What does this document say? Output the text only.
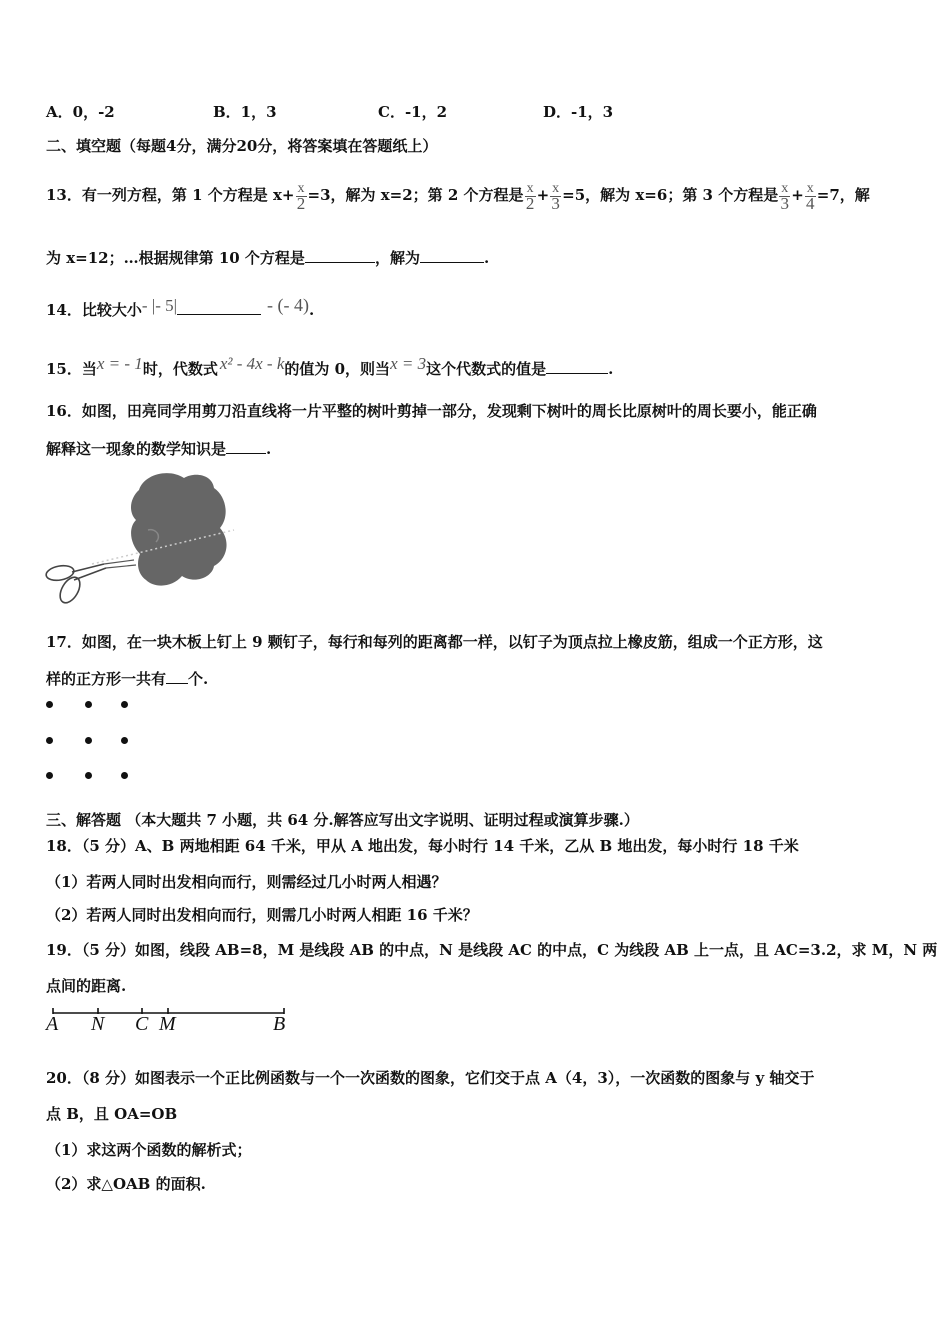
A．0，-2	B．1，3	C．-1，2	D．-1，3
二、填空题（每题4分，满分20分，将答案填在答题纸上）
13．有一列方程，第 1 个方程是 $x+ \frac{x}{2} =3$，解为 x=2；第 2 个方程是 $\frac{x}{2} + \frac{x}{3} =5$，解为 x=6；第 3 个方程是 $\frac{x}{3} + \frac{x}{4} =7$，解
为 x=12；…根据规律第 10 个方程是	，解为	.
14．比较大小- |- 5|	- (- 4).
15．当x = - 1时，代数式 x² - 4x - k的值为 0，则当x = 3这个代数式的值是	.
16．如图，田亮同学用剪刀沿直线将一片平整的树叶剪掉一部分，发现剩下树叶的周长比原树叶的周长要小，能正确
解释这一现象的数学知识是	.
17．如图，在一块木板上钉上 9 颗钉子，每行和每列的距离都一样，以钉子为顶点拉上橡皮筋，组成一个正方形，这
样的正方形一共有 个.
三、解答题 （本大题共 7 小题，共 64 分.解答应写出文字说明、证明过程或演算步骤.）
18．（5 分）A、B 两地相距 64 千米，甲从 A 地出发，每小时行 14 千米，乙从 B 地出发，每小时行 18 千米
（1）若两人同时出发相向而行，则需经过几小时两人相遇？
（2）若两人同时出发相向而行，则需几小时两人相距 16 千米？
19．（5 分）如图，线段 AB=8，M 是线段 AB 的中点，N 是线段 AC 的中点，C 为线段 AB 上一点，且 AC=3.2，求 M，N 两
点间的距离.
A N C M	B
20．（8 分）如图表示一个正比例函数与一个一次函数的图象，它们交于点 A（4，3），一次函数的图象与 y 轴交于
点 B，且 OA=OB
（1）求这两个函数的解析式；
（2）求△OAB 的面积.
